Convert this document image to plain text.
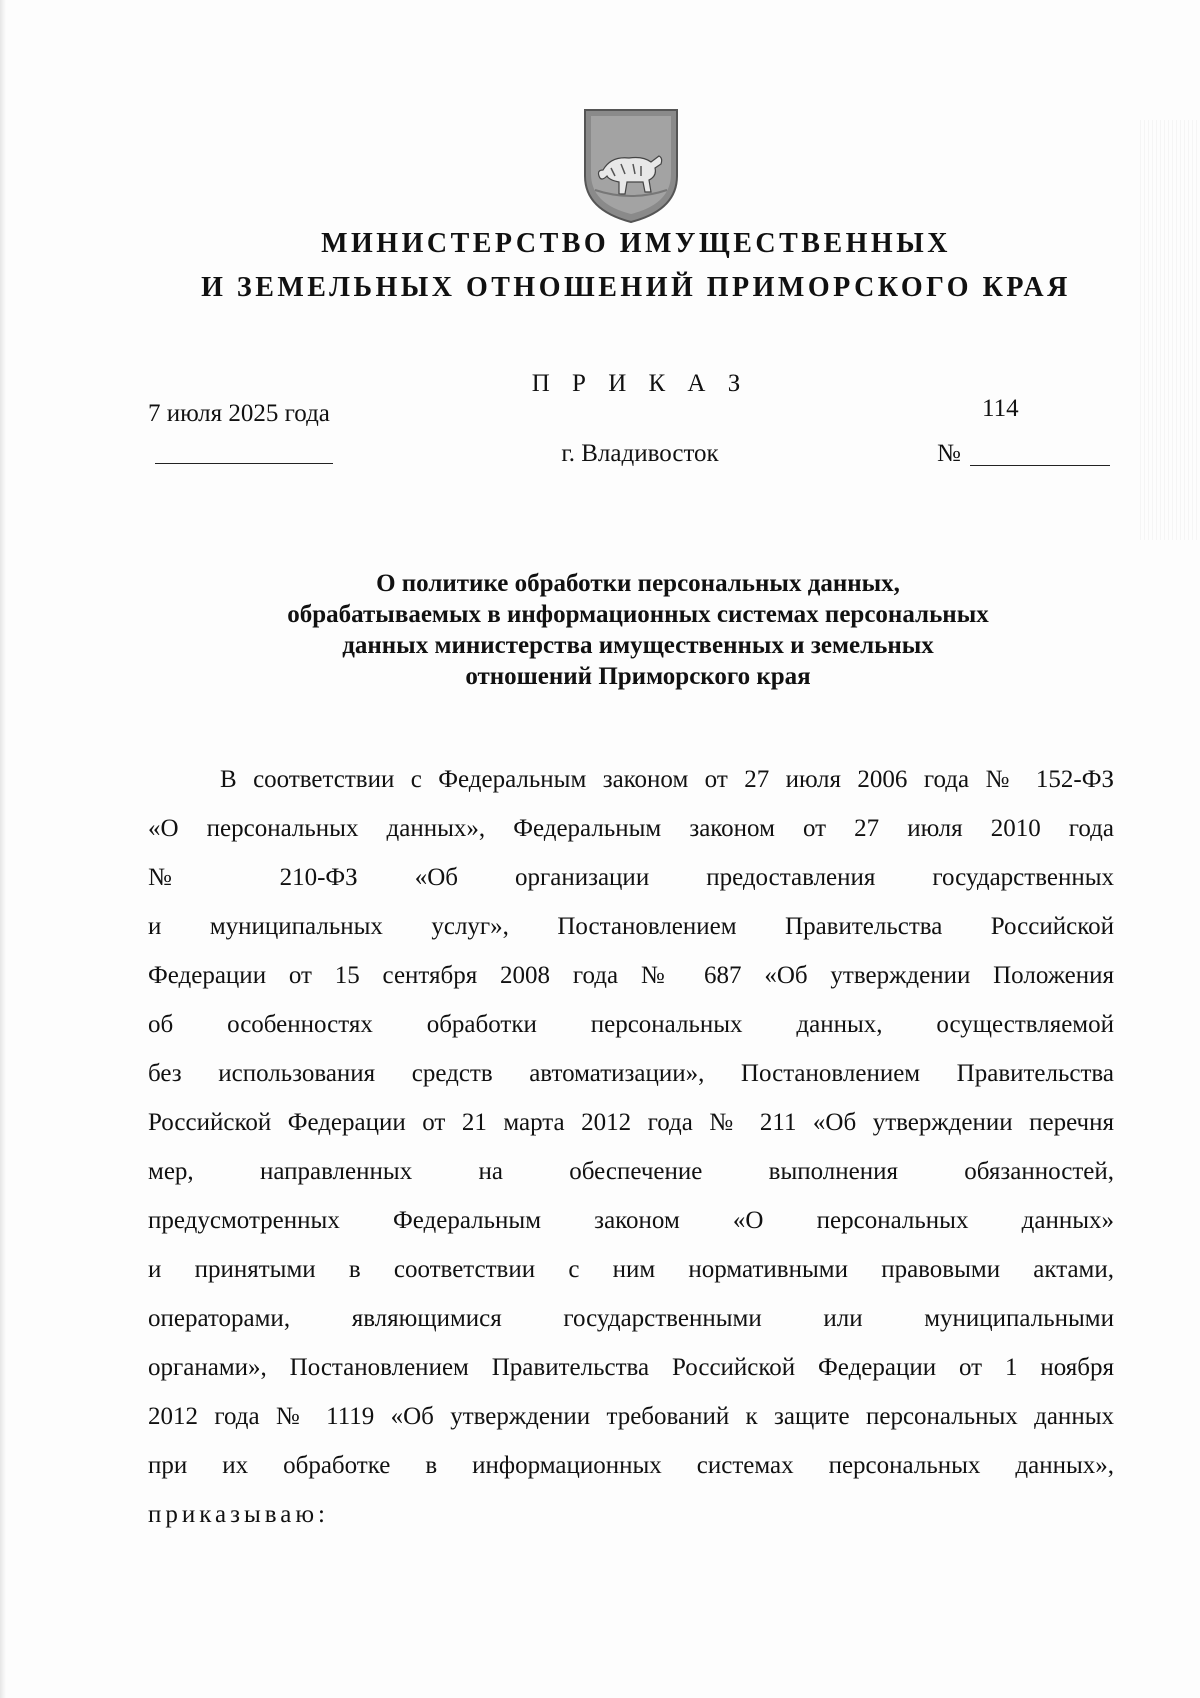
МИНИСТЕРСТВО ИМУЩЕСТВЕННЫХ
И ЗЕМЕЛЬНЫХ ОТНОШЕНИЙ ПРИМОРСКОГО КРАЯ
П Р И К А З
7 июля 2025 года
г. Владивосток
114
№
О политике обработки персональных данных,
обрабатываемых в информационных системах персональных
данных министерства имущественных и земельных
отношений Приморского края
В соответствии с Федеральным законом от 27 июля 2006 года № 152-ФЗ
«О персональных данных», Федеральным законом от 27 июля 2010 года
№ 210-ФЗ «Об организации предоставления государственных
и муниципальных услуг», Постановлением Правительства Российской
Федерации от 15 сентября 2008 года № 687 «Об утверждении Положения
об особенностях обработки персональных данных, осуществляемой
без использования средств автоматизации», Постановлением Правительства
Российской Федерации от 21 марта 2012 года № 211 «Об утверждении перечня
мер, направленных на обеспечение выполнения обязанностей,
предусмотренных Федеральным законом «О персональных данных»
и принятыми в соответствии с ним нормативными правовыми актами,
операторами, являющимися государственными или муниципальными
органами», Постановлением Правительства Российской Федерации от 1 ноября
2012 года № 1119 «Об утверждении требований к защите персональных данных
при их обработке в информационных системах персональных данных»,
приказываю:
